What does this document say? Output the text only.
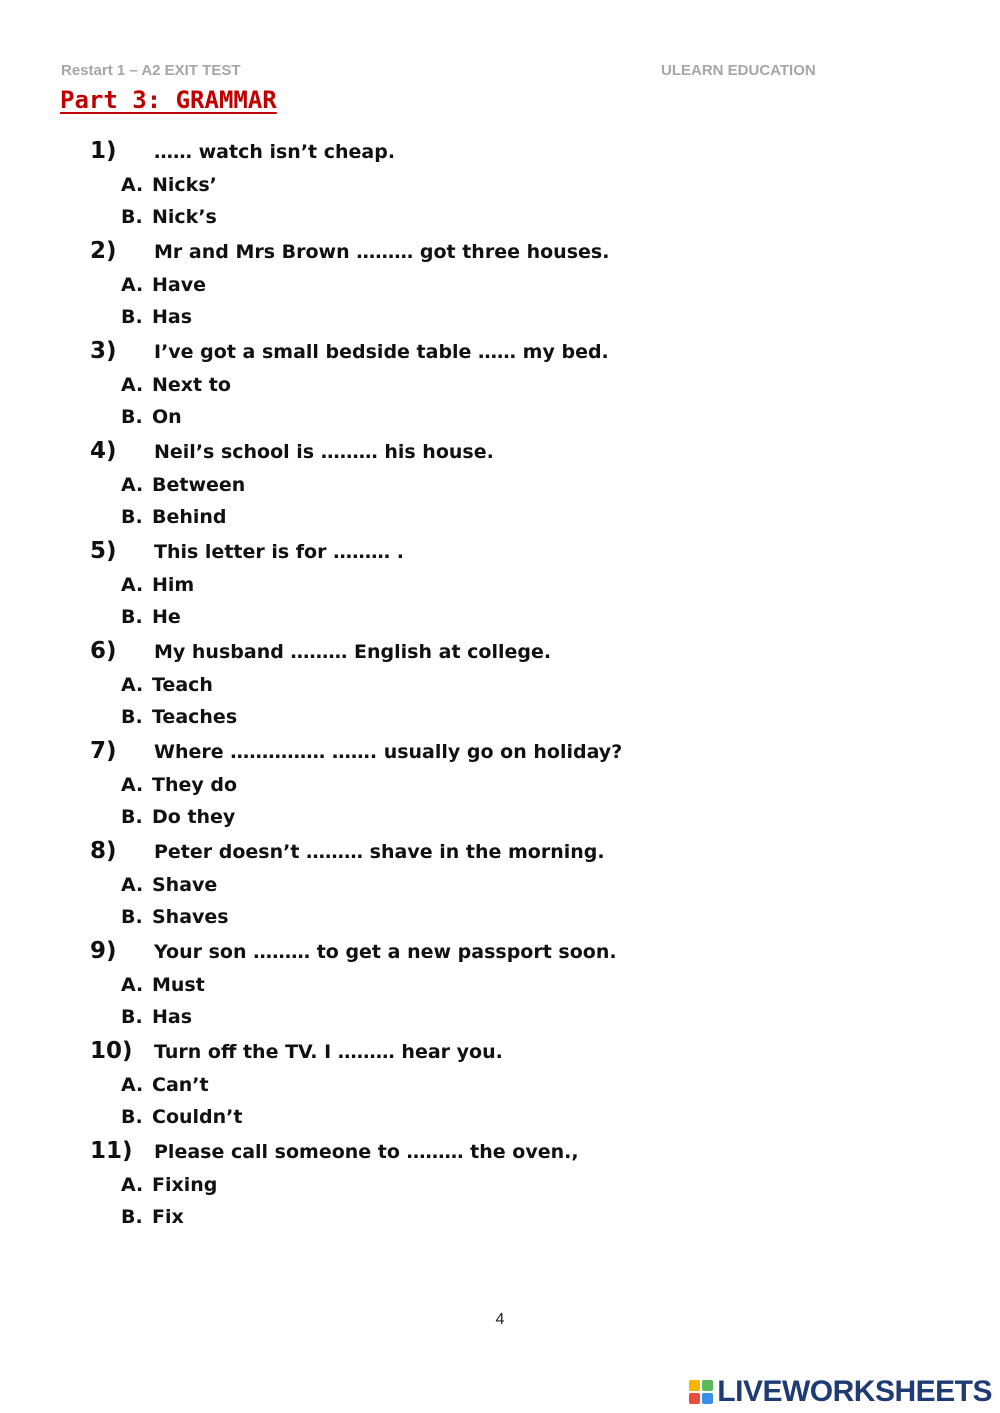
Restart 1 – A2 EXIT TEST	ULEARN EDUCATION
Part 3: GRAMMAR
1)	…… watch isn’t cheap.
A. Nicks’
B. Nick’s
2)	Mr and Mrs Brown ……… got three houses.
A. Have
B. Has
3)	I’ve got a small bedside table …… my bed.
A. Next to
B. On
4)	Neil’s school is ……… his house.
A. Between
B. Behind
5)	This letter is for ……… .
A. Him
B. He
6)	My husband ……… English at college.
A. Teach
B. Teaches
7)	Where …………… ……. usually go on holiday?
A. They do
B. Do they
8)	Peter doesn’t ……… shave in the morning.
A. Shave
B. Shaves
9)	Your son ……… to get a new passport soon.
A. Must
B. Has
10)	Turn off the TV. I ……… hear you.
A. Can’t
B. Couldn’t
11)	Please call someone to ……… the oven.,
A. Fixing
B. Fix
4
LIVEWORKSHEETS
